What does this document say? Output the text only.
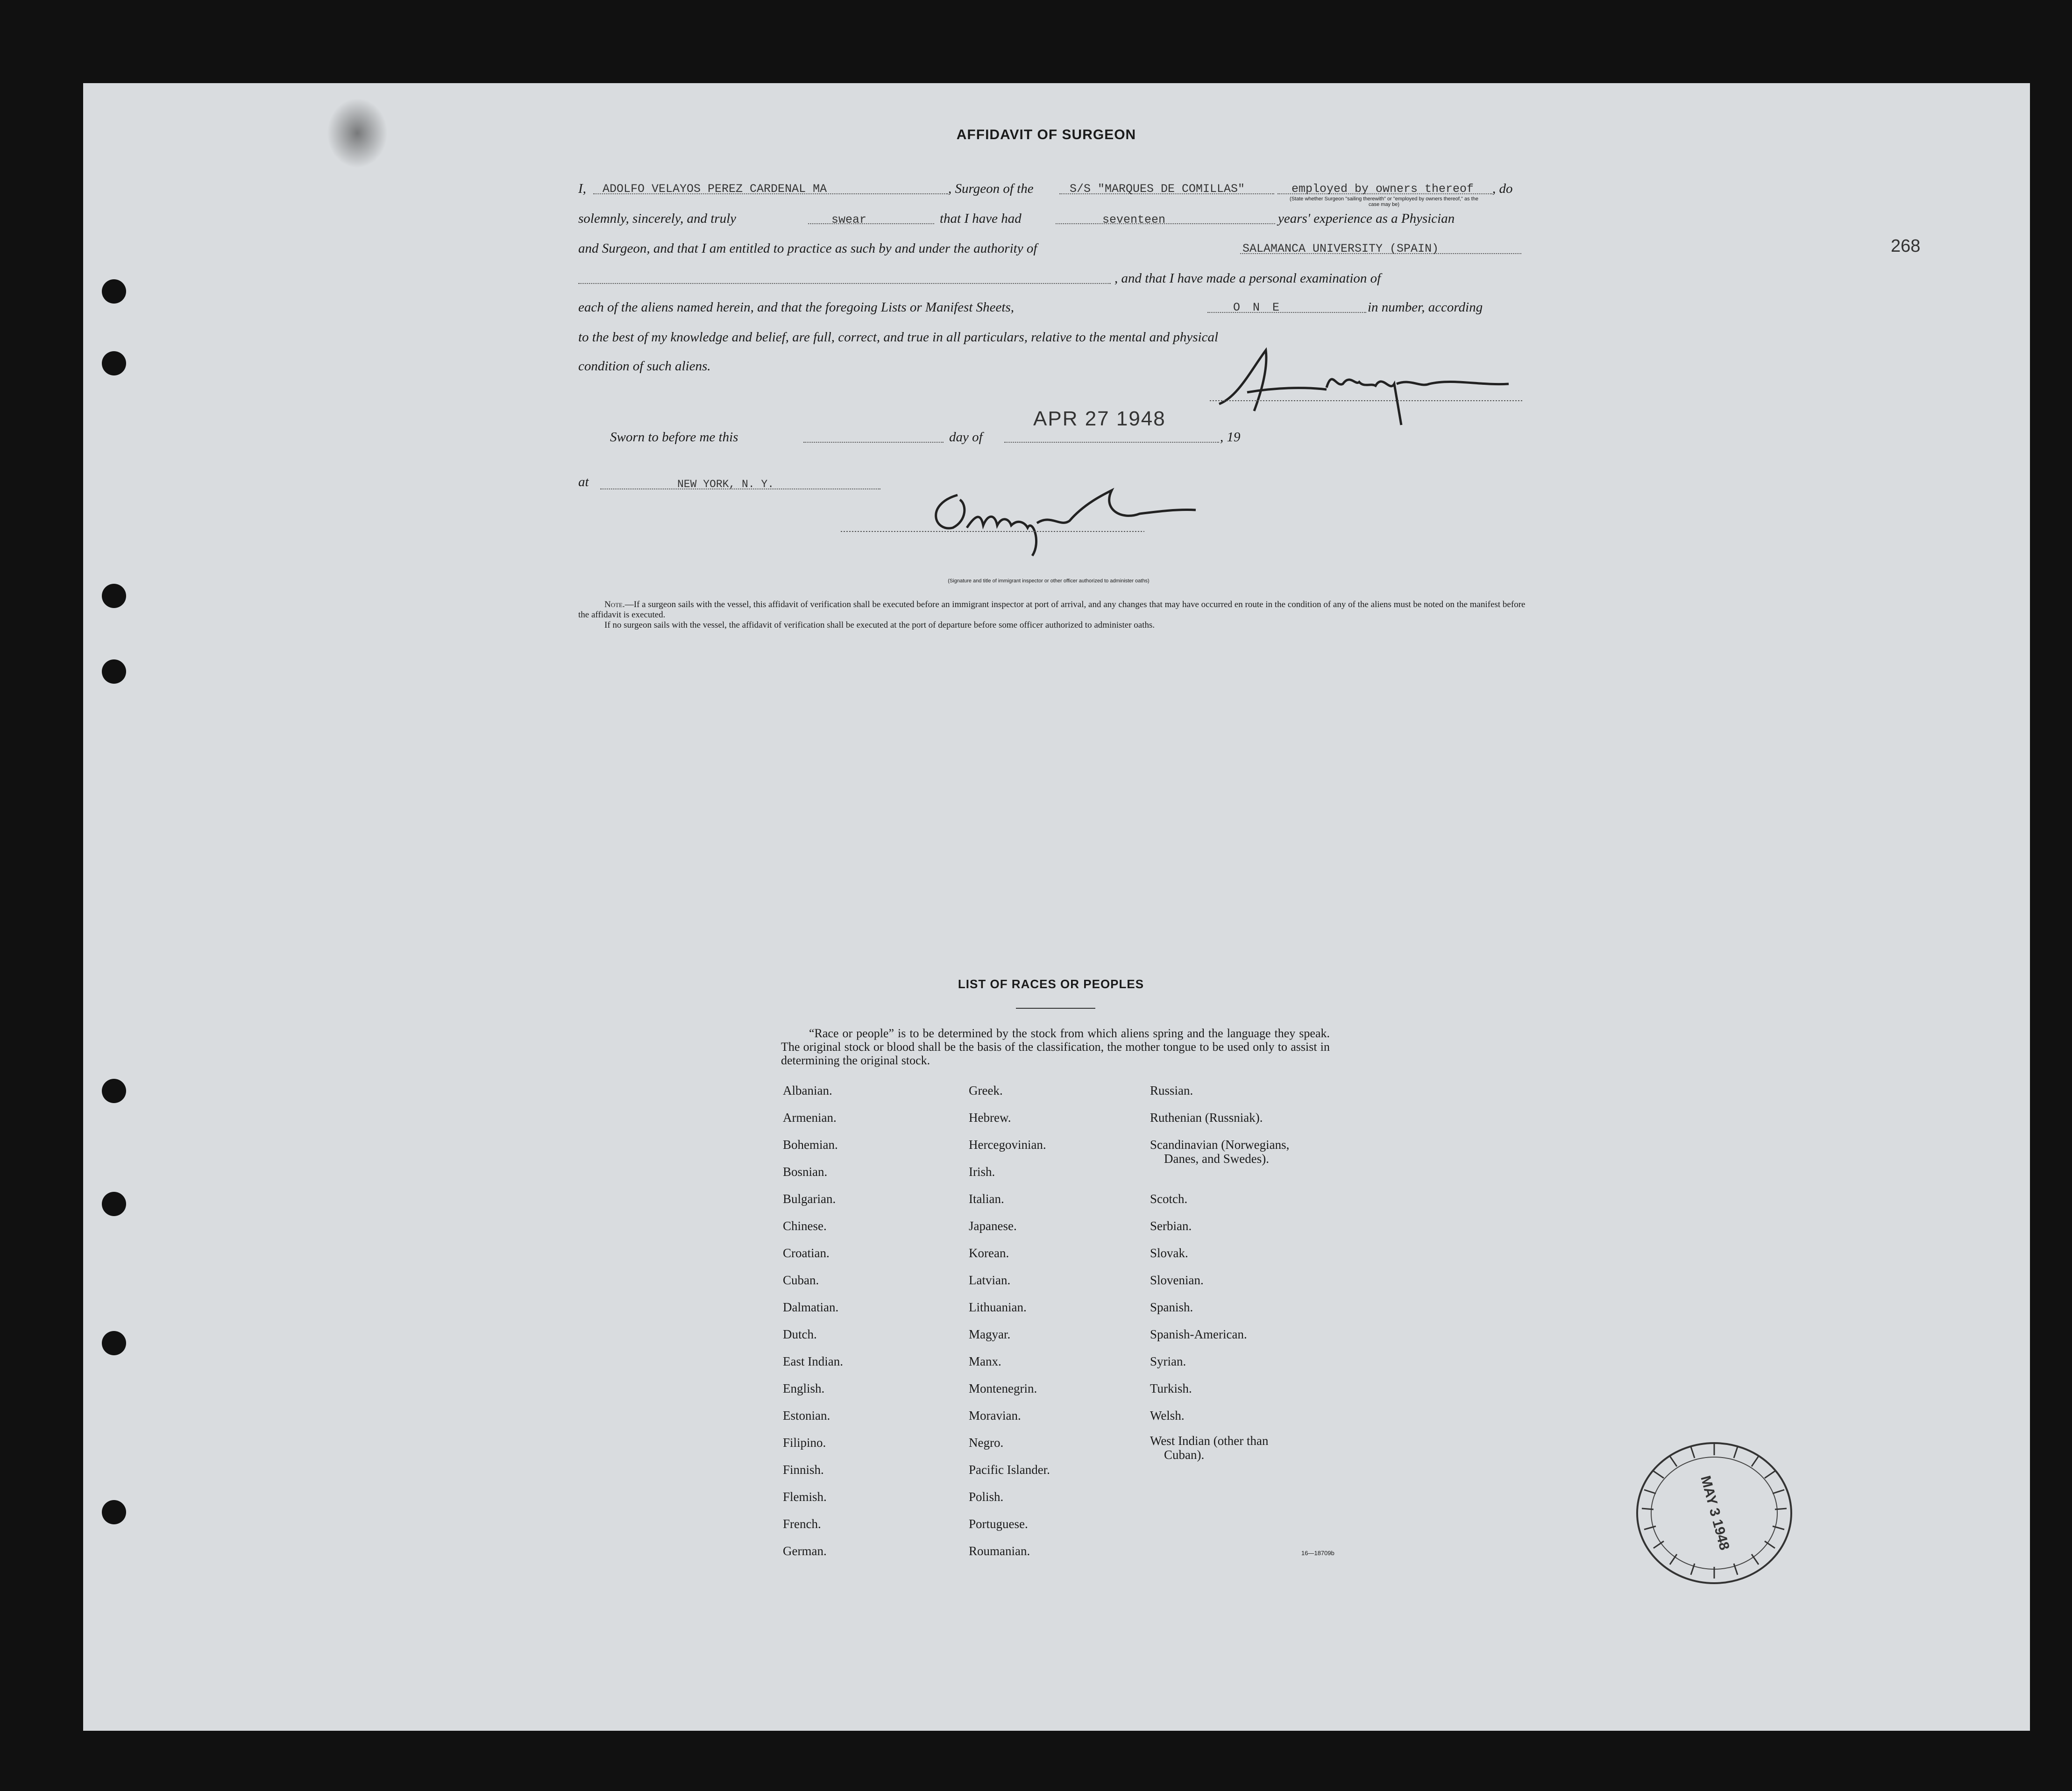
268
AFFIDAVIT OF SURGEON
I, ADOLFO VELAYOS PEREZ CARDENAL MA	, Surgeon of the	S/S "MARQUES DE COMILLAS"	employed by owners thereof , do
(State whether Surgeon "sailing therewith" or "employed by owners thereof," as the case may be)
solemnly, sincerely, and truly	swear	that I have had	seventeen	years' experience as a Physician
and Surgeon, and that I am entitled to practice as such by and under the authority of	SALAMANCA UNIVERSITY (SPAIN)
, and that I have made a personal examination of
each of the aliens named herein, and that the foregoing Lists or Manifest Sheets,	O N E	in number, according
to the best of my knowledge and belief, are full, correct, and true in all particulars, relative to the mental and physical
condition of such aliens.
Sworn to before me this	day of
APR 27 1948
, 19
at	NEW YORK, N. Y.
(Signature and title of immigrant inspector or other officer authorized to administer oaths)
Note.—If a surgeon sails with the vessel, this affidavit of verification shall be executed before an immigrant inspector at port of arrival, and any changes that may have occurred en route in the condition of any of the aliens must be noted on the manifest before the affidavit is executed.
If no surgeon sails with the vessel, the affidavit of verification shall be executed at the port of departure before some officer authorized to administer oaths.
LIST OF RACES OR PEOPLES
“Race or people” is to be determined by the stock from which aliens spring and the language they speak. The original stock or blood shall be the basis of the classification, the mother tongue to be used only to assist in determining the original stock.
Albanian.
Armenian.
Bohemian.
Bosnian.
Bulgarian.
Chinese.
Croatian.
Cuban.
Dalmatian.
Dutch.
East Indian.
English.
Estonian.
Filipino.
Finnish.
Flemish.
French.
German.
Greek.
Hebrew.
Hercegovinian.
Irish.
Italian.
Japanese.
Korean.
Latvian.
Lithuanian.
Magyar.
Manx.
Montenegrin.
Moravian.
Negro.
Pacific Islander.
Polish.
Portuguese.
Roumanian.
Russian.
Ruthenian (Russniak).
Scandinavian (Norwegians,
Danes, and Swedes).
Scotch.
Serbian.
Slovak.
Slovenian.
Spanish.
Spanish-American.
Syrian.
Turkish.
Welsh.
West Indian (other than
Cuban).
16—18709b
MAY 3 1948
